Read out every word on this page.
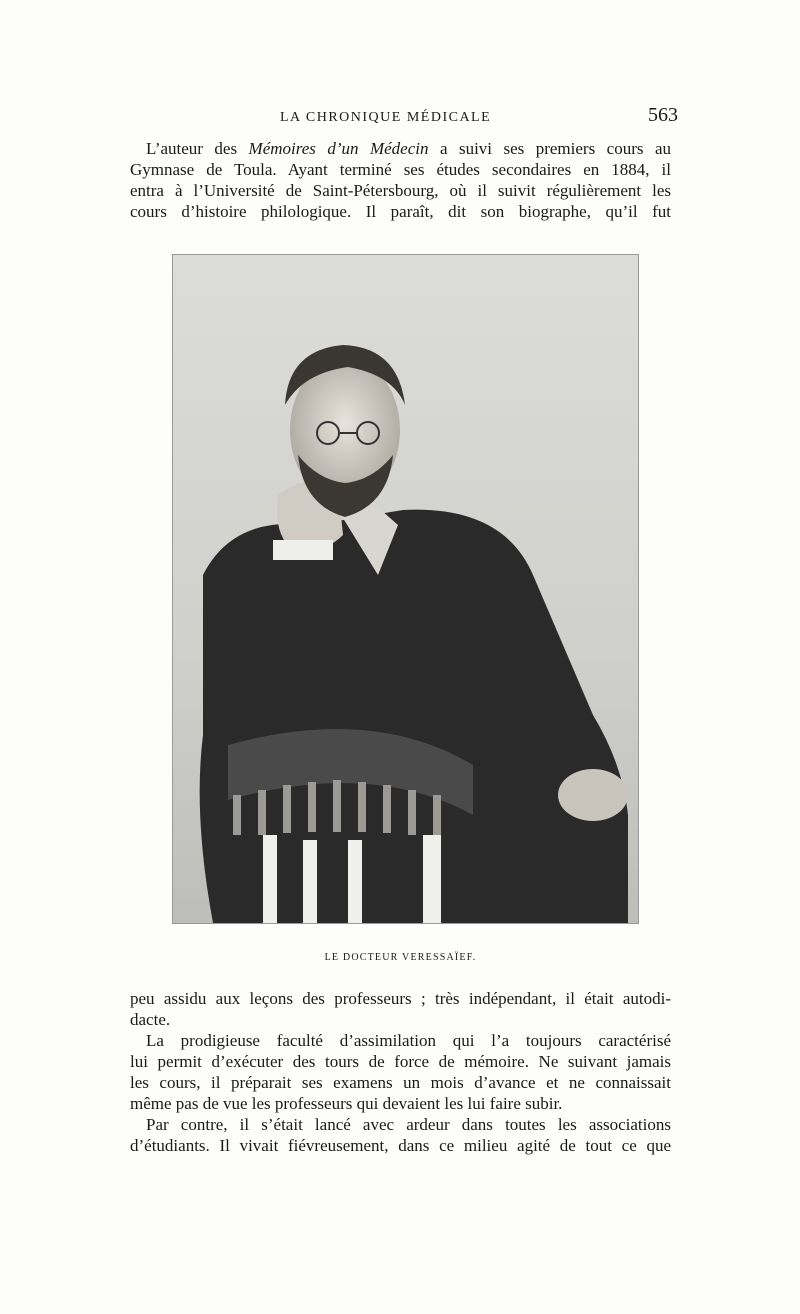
LA CHRONIQUE MÉDICALE	563
L’auteur des Mémoires d’un Médecin a suivi ses premiers cours au
Gymnase de Toula. Ayant terminé ses études secondaires en 1884, il
entra à l’Université de Saint-Pétersbourg, où il suivit régulièrement les
cours d’histoire philologique. Il paraît, dit son biographe, qu’il fut
LE DOCTEUR VERESSAÏEF.
peu assidu aux leçons des professeurs ; très indépendant, il était autodi-
dacte.
La prodigieuse faculté d’assimilation qui l’a toujours caractérisé
lui permit d’exécuter des tours de force de mémoire. Ne suivant jamais
les cours, il préparait ses examens un mois d’avance et ne connaissait
même pas de vue les professeurs qui devaient les lui faire subir.
Par contre, il s’était lancé avec ardeur dans toutes les associations
d’étudiants. Il vivait fiévreusement, dans ce milieu agité de tout ce que
